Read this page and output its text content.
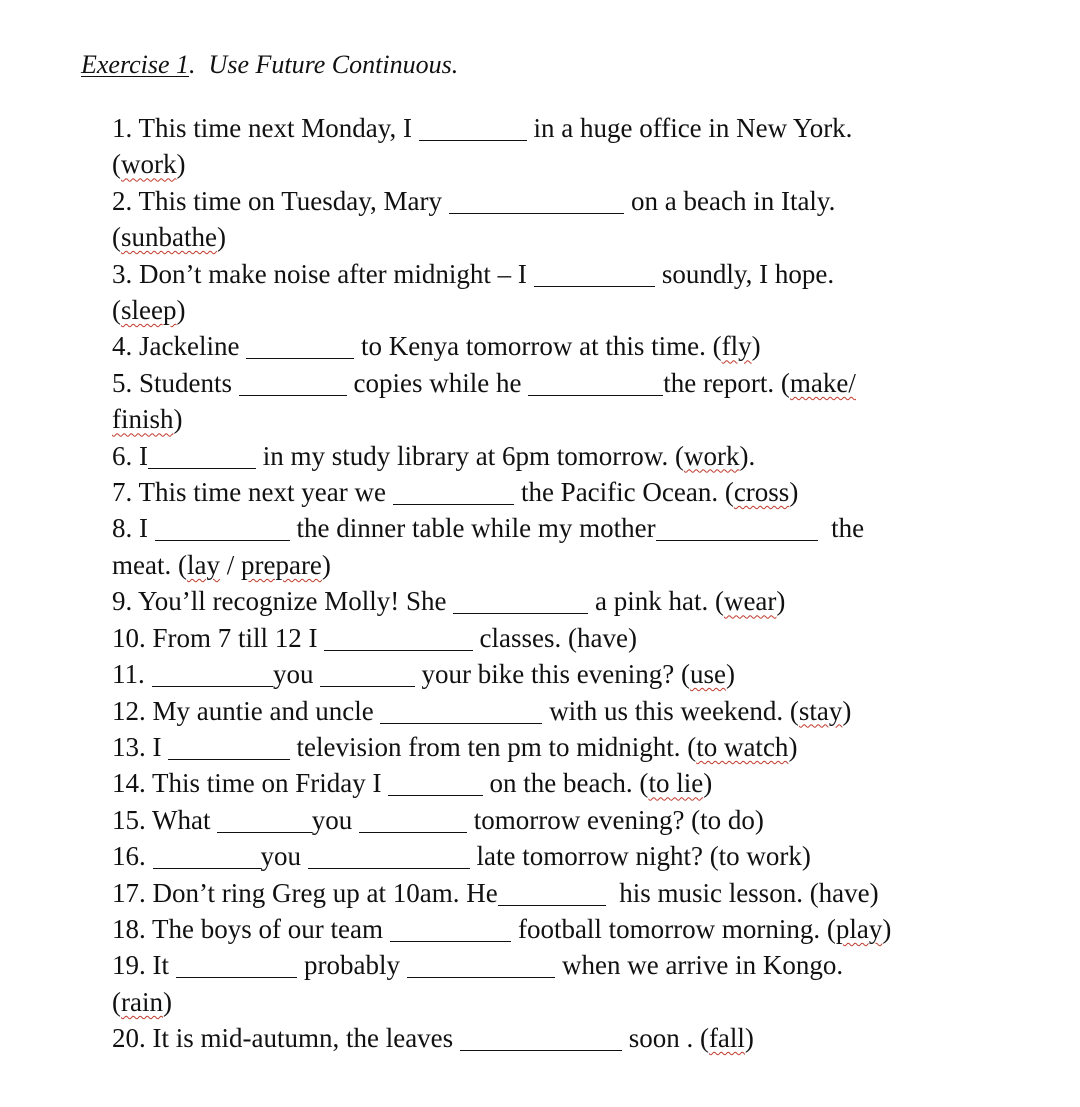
Exercise 1.  Use Future Continuous.
1. This time next Monday, I	in a huge office in New York.
(work)
2. This time on Tuesday, Mary	on a beach in Italy.
(sunbathe)
3. Don’t make noise after midnight – I	soundly, I hope.
(sleep)
4. Jackeline	to Kenya tomorrow at this time. (fly)
5. Students	copies while he	the report. (make/
finish)
6. I	in my study library at 6pm tomorrow. (work).
7. This time next year we	the Pacific Ocean. (cross)
8. I	the dinner table while my mother	the
meat. (lay / prepare)
9. You’ll recognize Molly! She	a pink hat. (wear)
10. From 7 till 12 I	classes. (have)
11.	you	your bike this evening? (use)
12. My auntie and uncle	with us this weekend. (stay)
13. I	television from ten pm to midnight. (to watch)
14. This time on Friday I	on the beach. (to lie)
15. What	you	tomorrow evening? (to do)
16.	you	late tomorrow night? (to work)
17. Don’t ring Greg up at 10am. He	his music lesson. (have)
18. The boys of our team	football tomorrow morning. (play)
19. It	probably	when we arrive in Kongo.
(rain)
20. It is mid-autumn, the leaves	soon . (fall)
